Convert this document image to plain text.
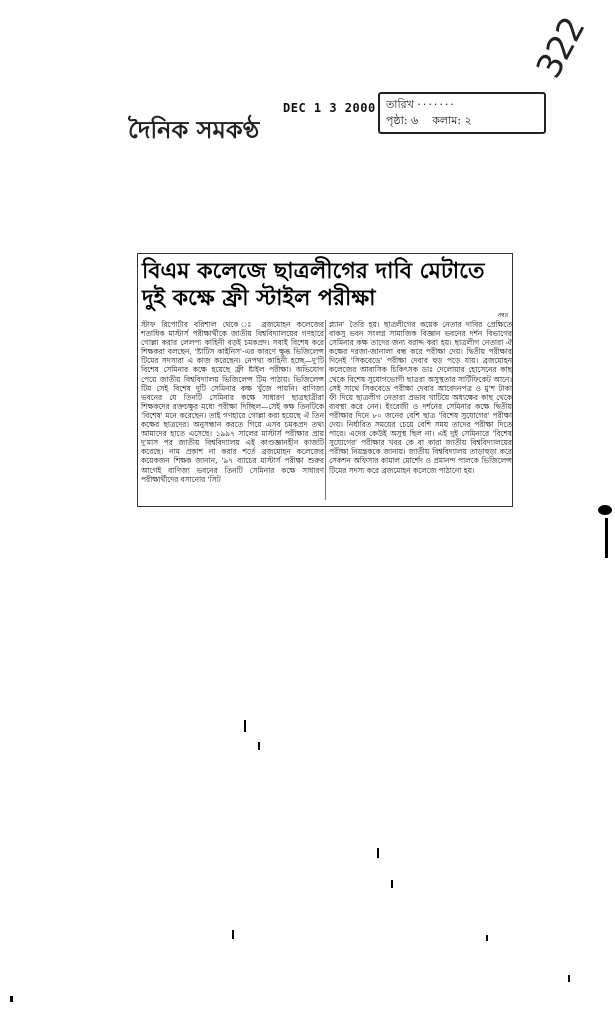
322
দৈনিক সমকণ্ঠ
DEC 1 3 2000 তারিখ ·······
পৃষ্ঠা: ৬ কলাম: ২
বিএম কলেজে ছাত্রলীগের দাবি মেটাতে
দুই কক্ষে ফ্রী স্টাইল পরীক্ষা
নম্বর
স্টাফ রিপোর্টার বরিশাল থেকে ঃ ব্রজমোহন কলেজের শতাধিক মাস্টার্স পরীক্ষার্থীকে জাতীয় বিশ্ববিদ্যালয়ের গণহারে গোল্লা করার লেলপ্য কাহিনী বড়ই চমকপ্রদ। সবাই বিশেষ করে শিক্ষকরা বলছেন, 'ষ্টাটিস কাইনিস'-এর কারণে ক্ষুব্ধ ভিজিলেন্স টিমের সদস্যরা এ কাজ করেছেন। নেপথ্য কাহিনী হচ্ছে—দু'টি বিশেষ সেমিনার কক্ষে হয়েছে ফ্রী ষ্টাইল পরীক্ষা। অভিযোগ পেয়ে জাতীয় বিশ্ববিদ্যালয় ভিজিলেন্স টিম পাঠায়। ভিজিলেন্স টিম সেই বিশেষ দুটি সেমিনার কক্ষ খুঁজে পায়নি। বাণিজ্য ভবনের যে তিনটি সেমিনার কক্ষে সাধারণ ছাত্রছাত্রীরা শিক্ষকদের রক্তচক্ষুর মধ্যে পরীক্ষা দিচ্ছিল—সেই কক্ষ তিনটিকে 'বিশেষ' মনে করেছেন। তাই গণহারে গোল্লা করা হয়েছে ঐ তিন কক্ষের ছাত্রদের। অনুসন্ধান করতে গিয়ে এসব চমকপ্রদ তথ্য আমাদের হাতে এসেছে। ১৯৯৭ সালের মাস্টার্স পরীক্ষার প্রায় দু'মাস পর জাতীয় বিশ্ববিদ্যালয় এই কাণ্ডজ্ঞানহীন কাজটি করেছে। নাম প্রকাশ না করার শর্তে ব্রজমোহন কলেজের কয়েকজন শিক্ষক জানান, '৯৭ ব্যাচের মাস্টার্স পরীক্ষা শুরুর আগেই বাণিজ্য ভবনের তিনটি সেমিনার কক্ষে সাধারণ পরীক্ষার্থীদের বসানোর 'সিট
প্ল্যান' তৈরি হয়। ছাত্রলীগের কয়েক নেতার দাবির প্রেক্ষিতে বাকসু ভবন সংলগ্ন সামাজিক বিজ্ঞান ভবনের দর্শন বিভাগের সেমিনার কক্ষ তাদের জন্য বরাদ্দ করা হয়। ছাত্রলীগ নেতারা ঐ কক্ষের দরজা-জানালা বন্ধ করে পরীক্ষা দেয়। দ্বিতীয় পরীক্ষার দিনেই 'সিকবেডে' পরীক্ষা দেবার হুড় পড়ে যায়। ব্রজমোহন কলেজের আবাসিক চিকিৎসক ডাঃ দেলোয়ার হোসেনের কাছ থেকে বিশেষ সুযোগভোগী ছাত্ররা অসুস্থতার সার্টিফিকেট আনে। সেই সাথে সিকবেডে পরীক্ষা দেবার আবেদনপত্র ও মু'শ টাকা ফী দিয়ে ছাত্রলীগ নেতারা প্রভাব খাটিয়ে অধ্যক্ষের কাছ থেকে ব্যবস্থা করে নেন। ইংরেজী ও দর্শনের সেমিনার কক্ষে দ্বিতীয় পরীক্ষার দিনে ৮০ জনের বেশি ছাত্র 'বিশেষ সুযোগের' পরীক্ষা দেয়। নির্ধারিত সময়ের চেয়ে বেশি সময় তাদের পরীক্ষা দিতে পারে। এদের কেউই অসুস্থ ছিল না। এই দুই সেমিনারে 'বিশেষ সুযোগের' পরীক্ষার খবর কে বা কারা জাতীয় বিশ্ববিদ্যালয়ের পরীক্ষা নিয়ন্ত্রককে জানায়। জাতীয় বিশ্ববিদ্যালয় তাড়াহুড়া করে সেকশন অফিসার কামাল মোর্শেদ ও প্রমানন্দ পালকে ভিজিলেন্স টিমের সদস্য করে ব্রজমোহন কলেজে পাঠানো হয়।
